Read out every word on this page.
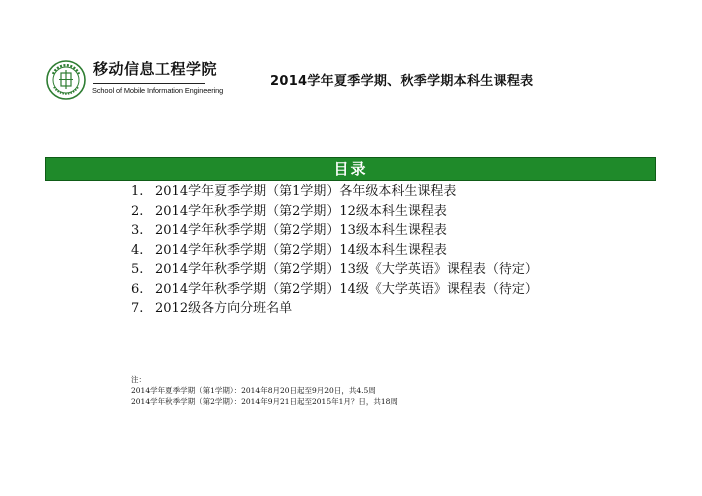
移动信息工程学院
School of Mobile Information Engineering
2014学年夏季学期、秋季学期本科生课程表
目录
1. 2014学年夏季学期（第1学期）各年级本科生课程表
2. 2014学年秋季学期（第2学期）12级本科生课程表
3. 2014学年秋季学期（第2学期）13级本科生课程表
4. 2014学年秋季学期（第2学期）14级本科生课程表
5. 2014学年秋季学期（第2学期）13级《大学英语》课程表（待定）
6. 2014学年秋季学期（第2学期）14级《大学英语》课程表（待定）
7. 2012级各方向分班名单
注：
2014学年夏季学期（第1学期）：2014年8月20日起至9月20日，共4.5周
2014学年秋季学期（第2学期）：2014年9月21日起至2015年1月？日，共18周
